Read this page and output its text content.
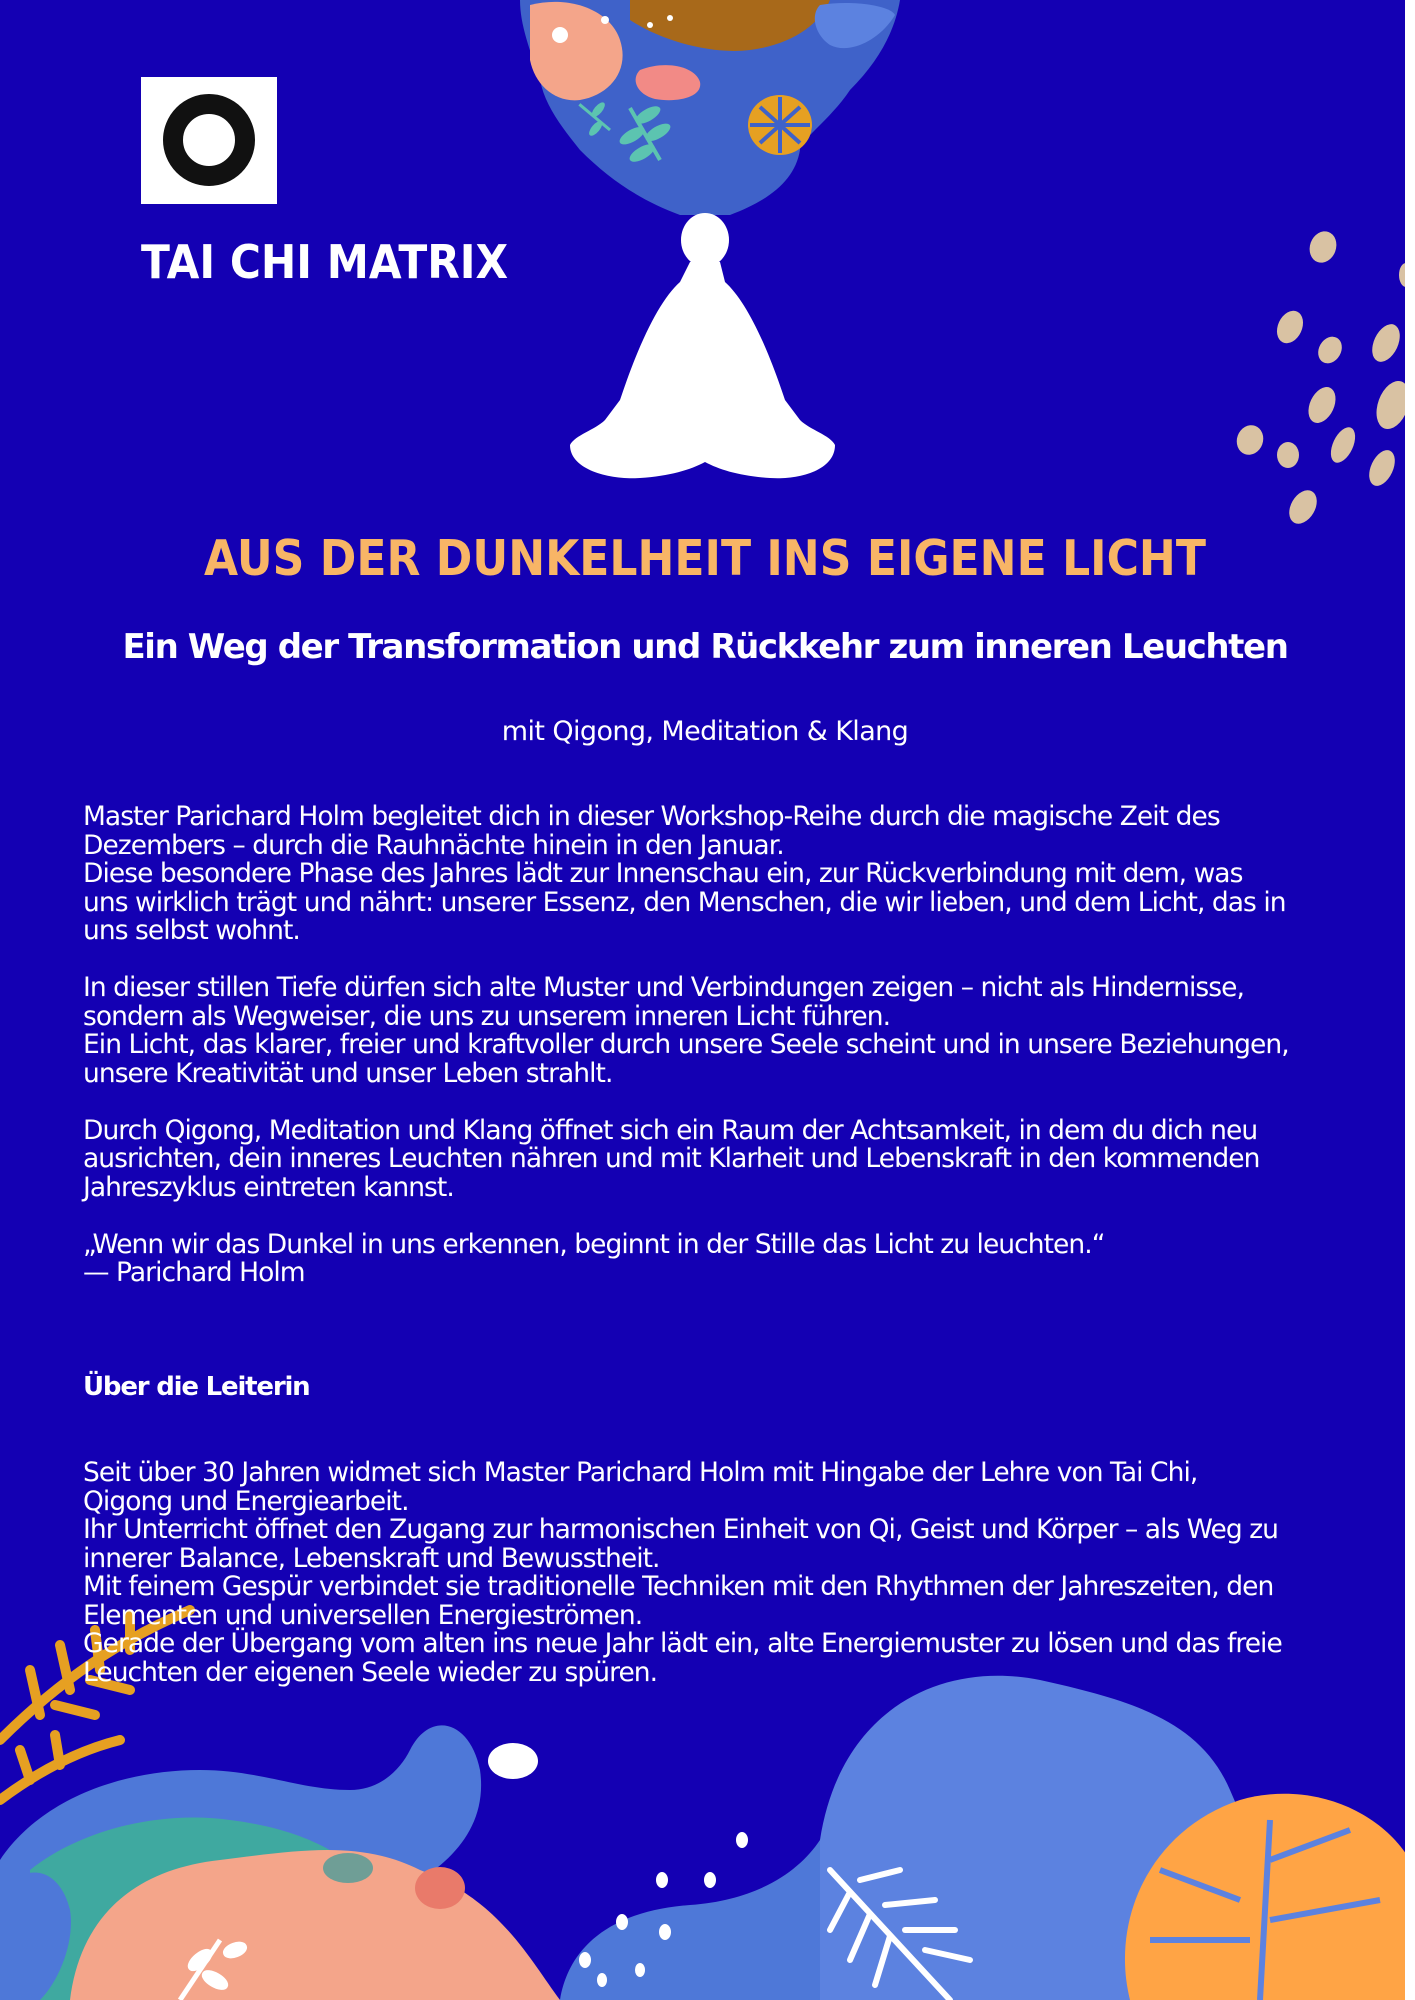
TAI CHI MATRIX
AUS DER DUNKELHEIT INS EIGENE LICHT
Ein Weg der Transformation und Rückkehr zum inneren Leuchten

mit Qigong, Meditation & Klang

Master Parichard Holm begleitet dich in dieser Workshop-Reihe durch die magische Zeit des
Dezembers – durch die Rauhnächte hinein in den Januar.
Diese besondere Phase des Jahres lädt zur Innenschau ein, zur Rückverbindung mit dem, was
uns wirklich trägt und nährt: unserer Essenz, den Menschen, die wir lieben, und dem Licht, das in
uns selbst wohnt.

In dieser stillen Tiefe dürfen sich alte Muster und Verbindungen zeigen – nicht als Hindernisse,
sondern als Wegweiser, die uns zu unserem inneren Licht führen.
Ein Licht, das klarer, freier und kraftvoller durch unsere Seele scheint und in unsere Beziehungen,
unsere Kreativität und unser Leben strahlt.

Durch Qigong, Meditation und Klang öffnet sich ein Raum der Achtsamkeit, in dem du dich neu
ausrichten, dein inneres Leuchten nähren und mit Klarheit und Lebenskraft in den kommenden
Jahreszyklus eintreten kannst.

„Wenn wir das Dunkel in uns erkennen, beginnt in der Stille das Licht zu leuchten.“
— Parichard Holm

Über die Leiterin

Seit über 30 Jahren widmet sich Master Parichard Holm mit Hingabe der Lehre von Tai Chi,
Qigong und Energiearbeit.
Ihr Unterricht öffnet den Zugang zur harmonischen Einheit von Qi, Geist und Körper – als Weg zu
innerer Balance, Lebenskraft und Bewusstheit.
Mit feinem Gespür verbindet sie traditionelle Techniken mit den Rhythmen der Jahreszeiten, den
Elementen und universellen Energieströmen.
Gerade der Übergang vom alten ins neue Jahr lädt ein, alte Energiemuster zu lösen und das freie
Leuchten der eigenen Seele wieder zu spüren.
